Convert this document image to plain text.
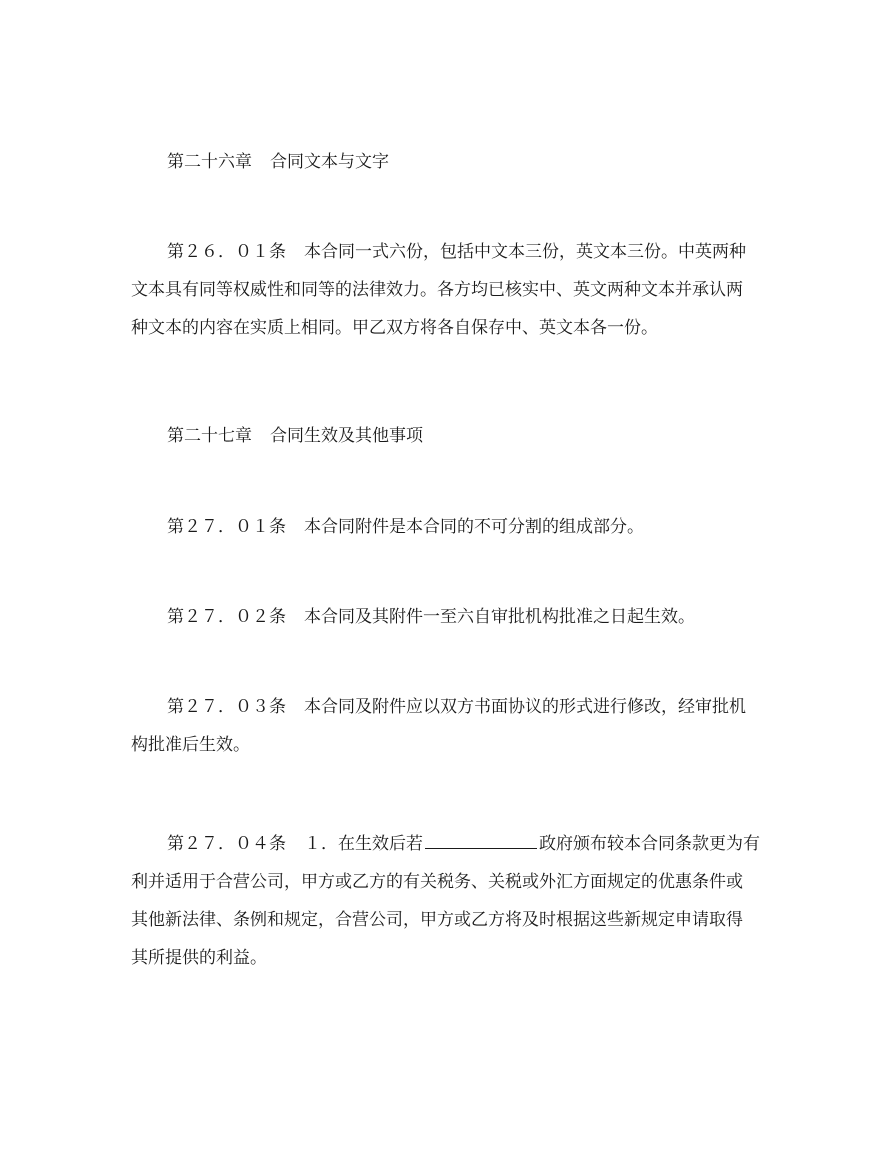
第二十六章 合同文本与文字
第２６．０１条 本合同一式六份，包括中文本三份，英文本三份。中英两种
文本具有同等权威性和同等的法律效力。各方均已核实中、英文两种文本并承认两
种文本的内容在实质上相同。甲乙双方将各自保存中、英文本各一份。
第二十七章 合同生效及其他事项
第２７．０１条 本合同附件是本合同的不可分割的组成部分。
第２７．０２条 本合同及其附件一至六自审批机构批准之日起生效。
第２７．０３条 本合同及附件应以双方书面协议的形式进行修改，经审批机
构批准后生效。
第２７．０４条 １．在生效后若	政府颁布较本合同条款更为有
利并适用于合营公司，甲方或乙方的有关税务、关税或外汇方面规定的优惠条件或
其他新法律、条例和规定，合营公司，甲方或乙方将及时根据这些新规定申请取得
其所提供的利益。
